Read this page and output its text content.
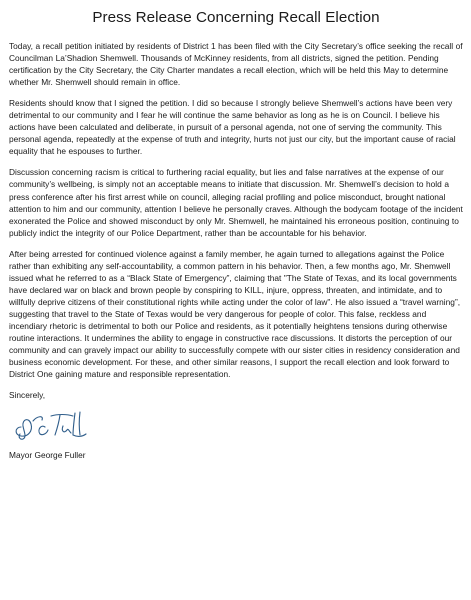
Press Release Concerning Recall Election

Today, a recall petition initiated by residents of District 1 has been filed with the City Secretary’s office seeking the recall of Councilman La’Shadion Shemwell. Thousands of McKinney residents, from all districts, signed the petition. Pending certification by the City Secretary, the City Charter mandates a recall election, which will be held this May to determine whether Mr. Shemwell should remain in office.

Residents should know that I signed the petition. I did so because I strongly believe Shemwell’s actions have been very detrimental to our community and I fear he will continue the same behavior as long as he is on Council. I believe his actions have been calculated and deliberate, in pursuit of a personal agenda, not one of serving the community. This personal agenda, repeatedly at the expense of truth and integrity, hurts not just our city, but the important cause of racial equality that he espouses to further.

Discussion concerning racism is critical to furthering racial equality, but lies and false narratives at the expense of our community’s wellbeing, is simply not an acceptable means to initiate that discussion. Mr. Shemwell’s decision to hold a press conference after his first arrest while on council, alleging racial profiling and police misconduct, brought national attention to him and our community, attention I believe he personally craves. Although the bodycam footage of the incident exonerated the Police and showed misconduct by only Mr. Shemwell, he maintained his erroneous position, continuing to publicly indict the integrity of our Police Department, rather than be accountable for his behavior.

After being arrested for continued violence against a family member, he again turned to allegations against the Police rather than exhibiting any self-accountability, a common pattern in his behavior. Then, a few months ago, Mr. Shemwell issued what he referred to as a “Black State of Emergency”, claiming that "The State of Texas, and its local governments have declared war on black and brown people by conspiring to KILL, injure, oppress, threaten, and intimidate, and to willfully deprive citizens of their constitutional rights while acting under the color of law". He also issued a “travel warning”, suggesting that travel to the State of Texas would be very dangerous for people of color. This false, reckless and incendiary rhetoric is detrimental to both our Police and residents, as it potentially heightens tensions during otherwise routine interactions. It undermines the ability to engage in constructive race discussions. It distorts the perception of our community and can gravely impact our ability to successfully compete with our sister cities in residency consideration and business economic development. For these, and other similar reasons, I support the recall election and look forward to District One gaining mature and responsible representation.

Sincerely,

Mayor George Fuller
